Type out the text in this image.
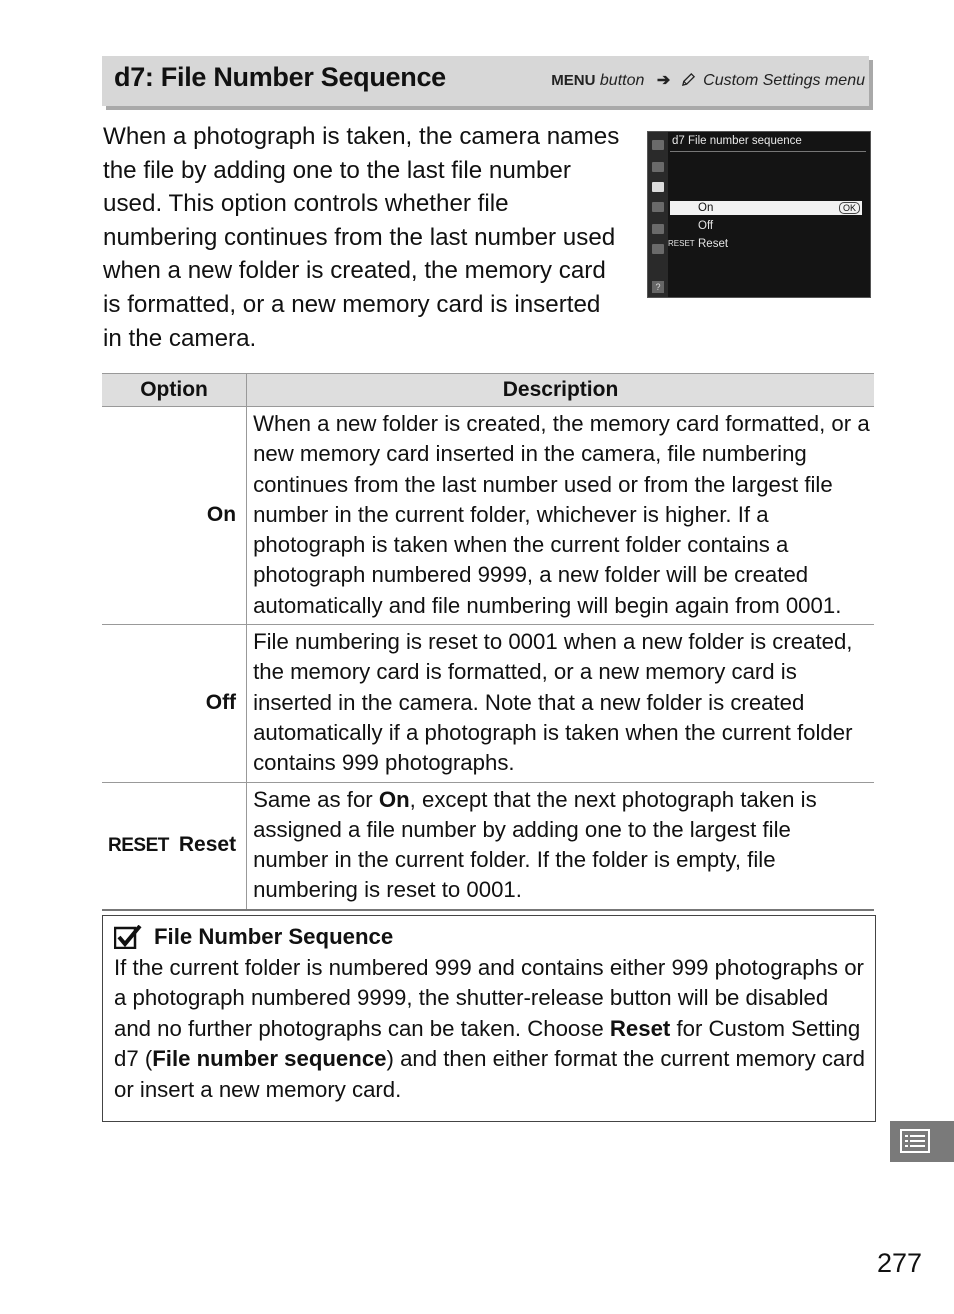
d7: File Number Sequence	MENU button ➔ Custom Settings menu
When a photograph is taken, the camera names the file by adding one to the last file number used. This option controls whether file numbering continues from the last number used when a new folder is created, the memory card is formatted, or a new memory card is inserted in the camera.
d7 File number sequence
On	OK
Off
RESET Reset
?
Option	Description
On	When a new folder is created, the memory card formatted, or a new memory card inserted in the camera, file numbering continues from the last number used or from the largest file number in the current folder, whichever is higher. If a photograph is taken when the current folder contains a photograph numbered 9999, a new folder will be created automatically and file numbering will begin again from 0001.
Off	File numbering is reset to 0001 when a new folder is created, the memory card is formatted, or a new memory card is inserted in the camera. Note that a new folder is created automatically if a photograph is taken when the current folder contains 999 photographs.
RESET Reset	Same as for On, except that the next photograph taken is assigned a file number by adding one to the largest file number in the current folder. If the folder is empty, file numbering is reset to 0001.
File Number Sequence
If the current folder is numbered 999 and contains either 999 photographs or a photograph numbered 9999, the shutter-release button will be disabled and no further photographs can be taken. Choose Reset for Custom Setting d7 (File number sequence) and then either format the current memory card or insert a new memory card.
277
